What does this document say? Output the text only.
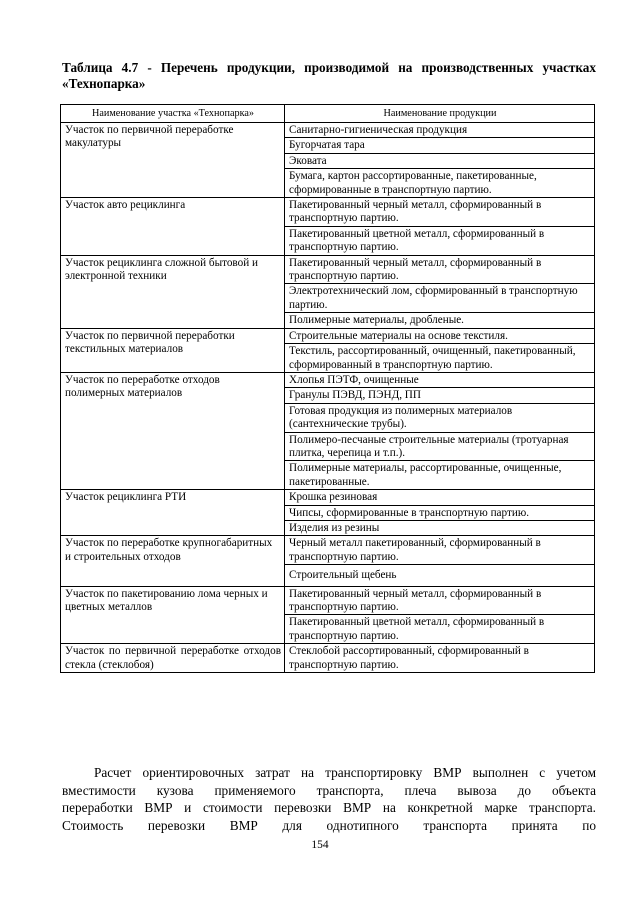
Таблица 4.7 - Перечень продукции, производимой на производственных участках «Технопарка»
Наименование участка «Технопарка»	Наименование продукции
Участок по первичной переработке макулатуры	Санитарно-гигиеническая продукция
	Бугорчатая тара
	Эковата
	Бумага, картон рассортированные, пакетированные, сформированные в транспортную партию.
Участок авто рециклинга	Пакетированный черный металл, сформированный в транспортную партию.
	Пакетированный цветной металл, сформированный в транспортную партию.
Участок рециклинга сложной бытовой и электронной техники	Пакетированный черный металл, сформированный в транспортную партию.
	Электротехнический лом, сформированный в транспортную партию.
	Полимерные материалы, дробленые.
Участок по первичной переработки текстильных материалов	Строительные материалы на основе текстиля.
	Текстиль, рассортированный, очищенный, пакетированный, сформированный в транспортную партию.
Участок по переработке отходов полимерных материалов	Хлопья ПЭТФ, очищенные
	Гранулы ПЭВД, ПЭНД, ПП
	Готовая продукция из полимерных материалов (сантехнические трубы).
	Полимеро-песчаные строительные материалы (тротуарная плитка, черепица и т.п.).
	Полимерные материалы, рассортированные, очищенные, пакетированные.
Участок рециклинга РТИ	Крошка резиновая
	Чипсы, сформированные в транспортную партию.
	Изделия из резины
Участок по переработке крупногабаритных и строительных отходов	Черный металл пакетированный, сформированный в транспортную партию.
	Строительный щебень
Участок по пакетированию лома черных и цветных металлов	Пакетированный черный металл, сформированный в транспортную партию.
	Пакетированный цветной металл, сформированный в транспортную партию.
Участок по первичной переработке отходов стекла (стеклобоя)	Стеклобой рассортированный, сформированный в транспортную партию.
Расчет ориентировочных затрат на транспортировку ВМР выполнен с учетом
вместимости кузова применяемого транспорта, плеча вывоза до объекта
переработки ВМР и стоимости перевозки ВМР на конкретной марке транспорта.
Стоимость перевозки ВМР для однотипного транспорта принята по
154
